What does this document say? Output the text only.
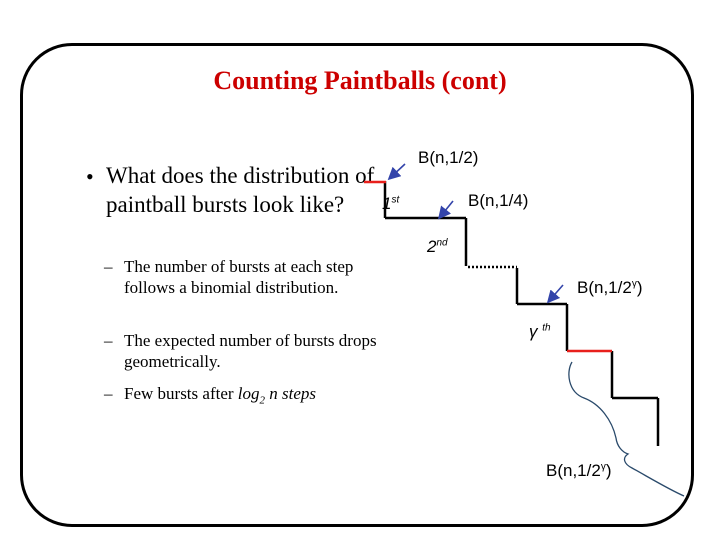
Counting Paintballs (cont)
• What does the distribution of paintball bursts look like?
– The number of bursts at each step follows a binomial distribution.
– The expected number of bursts drops geometrically.
– Few bursts after $\log_2 n$ steps
B(n,1/2)
1st	B(n,1/4)
2nd
$B(n,1/2^\gamma)$
γ $^{th}$
$B(n,1/2^\gamma)$
